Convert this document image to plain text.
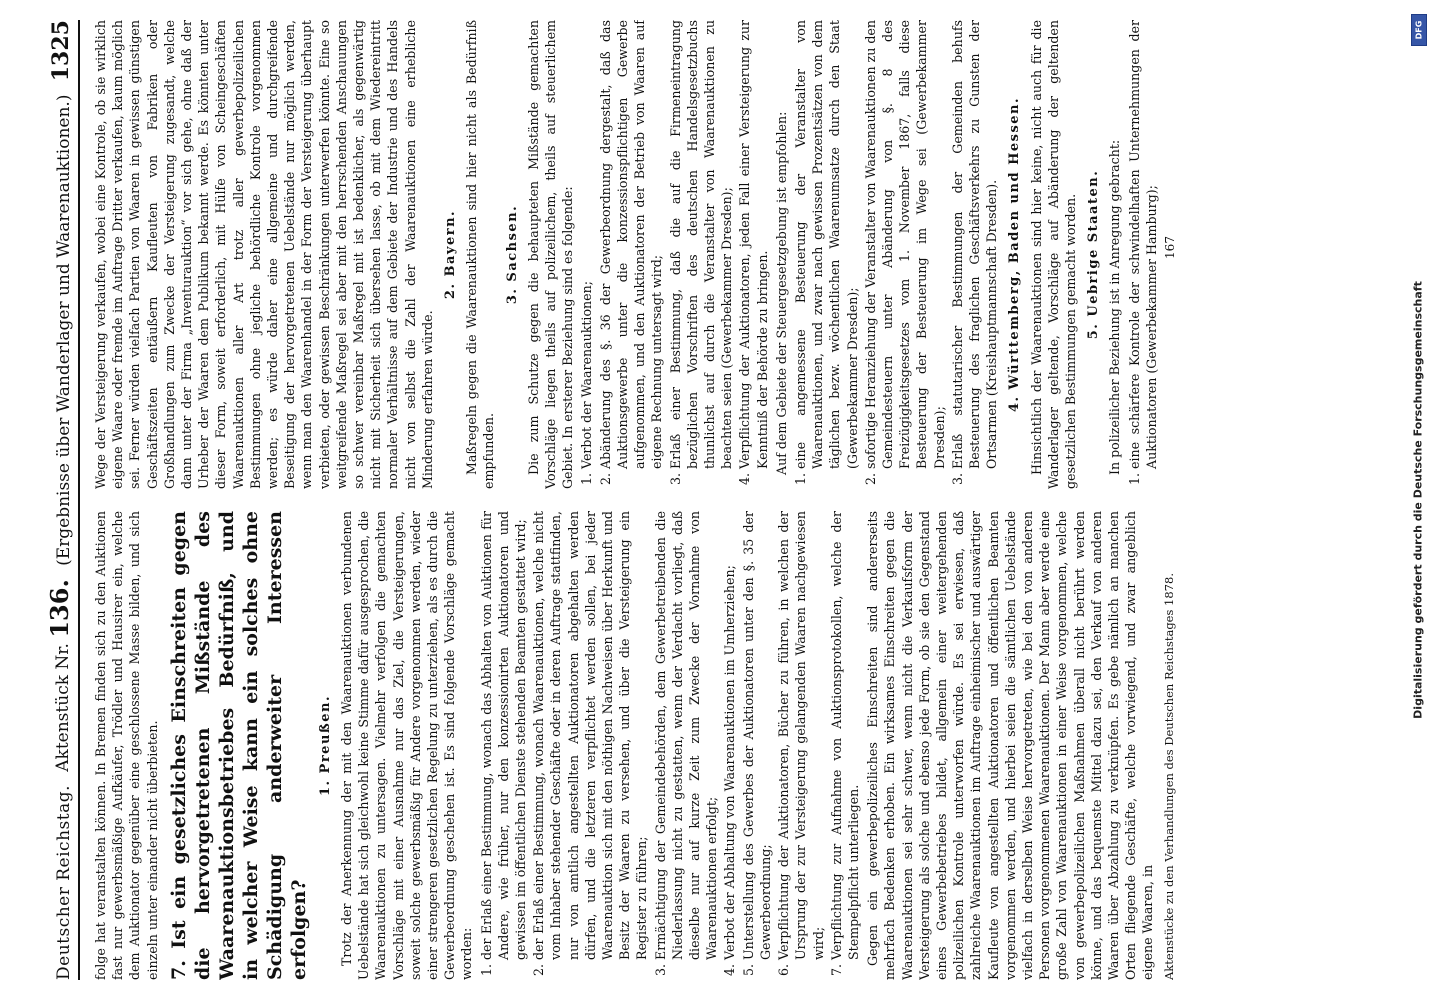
DFG
Digitalisierung gefördert durch die Deutsche Forschungsgemeinschaft
Deutscher Reichstag.
Aktenstück Nr. 136.
(Ergebnisse über Wanderlager und Waarenauktionen.)
1325

folge hat veranstalten können. In Bremen finden sich zu den Auktionen fast nur gewerbsmäßige Aufkäufer, Trödler und Hausirer ein, welche dem Auktionator gegenüber eine geschlossene Masse bilden, und sich einzeln unter einander nicht überbieten. 7. Ist ein gesetzliches Einschreiten gegen die hervorgetretenen Mißstände des Waarenauktionsbetriebes Bedürfniß, und in welcher Weise kann ein solches ohne Schädigung anderweiter Interessen erfolgen?

1. Preußen. Trotz der Anerkennung der mit den Waarenauktionen verbundenen Uebelstände hat sich gleichwohl keine Stimme dafür ausgesprochen, die Waarenauktionen zu untersagen. Vielmehr verfolgen die gemachten Vorschläge mit einer Ausnahme nur das Ziel, die Versteigerungen, soweit solche gewerbsmäßig für Andere vorgenommen werden, wieder einer strengeren gesetzlichen Regelung zu unterziehen, als es durch die Gewerbeordnung geschehen ist. Es sind folgende Vorschläge gemacht worden: 1. der Erlaß einer Bestimmung, wonach das Abhalten von Auktionen für Andere, wie früher, nur den konzessionirten Auktionatoren und gewissen im öffentlichen Dienste stehenden Beamten gestattet wird; 2. der Erlaß einer Bestimmung, wonach Waarenauktionen, welche nicht vom Inhaber stehender Geschäfte oder in deren Auftrage stattfinden, nur von amtlich angestellten Auktionatoren abgehalten werden dürfen, und die letzteren verpflichtet werden sollen, bei jeder Waarenauktion sich mit den nöthigen Nachweisen über Herkunft und Besitz der Waaren zu versehen, und über die Versteigerung ein Register zu führen; 3. Ermächtigung der Gemeindebehörden, dem Gewerbetreibenden die Niederlassung nicht zu gestatten, wenn der Verdacht vorliegt, daß dieselbe nur auf kurze Zeit zum Zwecke der Vornahme von Waarenauktionen erfolgt; 4. Verbot der Abhaltung von Waarenauktionen im Umherziehen; 5. Unterstellung des Gewerbes der Auktionatoren unter den §. 35 der Gewerbeordnung; 6. Verpflichtung der Auktionatoren, Bücher zu führen, in welchen der Ursprung der zur Versteigerung gelangenden Waaren nachgewiesen wird; 7. Verpflichtung zur Aufnahme von Auktionsprotokollen, welche der Stempelpflicht unterliegen. Gegen ein gewerbepolizeiliches Einschreiten sind andererseits mehrfach Bedenken erhoben. Ein wirksames Einschreiten gegen die Waarenauktionen sei sehr schwer, wenn nicht die Verkaufsform der Versteigerung als solche und ebenso jede Form, ob sie den Gegenstand eines Gewerbebetriebes bildet, allgemein einer weitergehenden polizeilichen Kontrole unterworfen würde. Es sei erwiesen, daß zahlreiche Waarenauktionen im Auftrage einheimischer und auswärtiger Kaufleute von angestellten Auktionatoren und öffentlichen Beamten vorgenommen werden, und hierbei seien die sämtlichen Uebelstände vielfach in derselben Weise hervorgetreten, wie bei den von anderen Personen vorgenommenen Waarenauktionen. Der Mann aber werde eine große Zahl von Waarenauktionen in einer Weise vorgenommen, welche von gewerbepolizeilichen Maßnahmen überall nicht berührt werden könne, und das bequemste Mittel dazu sei, den Verkauf von anderen Waaren über Abzahlung zu verknüpfen. Es gebe nämlich an manchen Orten fliegende Geschäfte, welche vorwiegend, und zwar angeblich eigene Waaren, in Aktenstücke zu den Verhandlungen des Deutschen Reichstages 1878.

Wege der Versteigerung verkaufen, wobei eine Kontrole, ob sie wirklich eigene Waare oder fremde im Auftrage Dritter verkaufen, kaum möglich sei. Ferner würden vielfach Partien von Waaren in gewissen günstigen Geschäftszeiten entäußern Kaufleuten von Fabriken oder Großhandlungen zum Zwecke der Versteigerung zugesandt, welche dann unter der Firma „Inventurauktion“ vor sich gehe, ohne daß der Urheber der Waaren dem Publikum bekannt werde. Es könnten unter dieser Form, soweit erforderlich, mit Hülfe von Scheingeschäften Waarenauktionen aller Art trotz aller gewerbepolizeilichen Bestimmungen ohne jegliche behördliche Kontrole vorgenommen werden; es würde daher eine allgemeine und durchgreifende Beseitigung der hervorgetretenen Uebelstände nur möglich werden, wenn man den Waarenhandel in der Form der Versteigerung überhaupt verbieten, oder gewissen Beschränkungen unterwerfen könnte. Eine so weitgreifende Maßregel sei aber mit den herrschenden Anschauungen so schwer vereinbar Maßregel mit ist bedenklicher, als gegenwärtig nicht mit Sicherheit sich übersehen lasse, ob mit dem Wiedereintritt normaler Verhältnisse auf dem Gebiete der Industrie und des Handels nicht von selbst die Zahl der Waarenauktionen eine erhebliche Minderung erfahren würde.

2. Bayern. Maßregeln gegen die Waarenauktionen sind hier nicht als Bedürfniß empfunden.

3. Sachsen. Die zum Schutze gegen die behaupteten Mißstände gemachten Vorschläge liegen theils auf polizeilichem, theils auf steuerlichem Gebiet. In ersterer Beziehung sind es folgende: 1. Verbot der Waarenauktionen; 2. Abänderung des §. 36 der Gewerbeordnung dergestalt, daß das Auktionsgewerbe unter die konzessionspflichtigen Gewerbe aufgenommen, und den Auktionatoren der Betrieb von Waaren auf eigene Rechnung untersagt wird; 3. Erlaß einer Bestimmung, daß die auf die Firmeneintragung bezüglichen Vorschriften des deutschen Handelsgesetzbuchs thunlichst auf durch die Veranstalter von Waarenauktionen zu beachten seien (Gewerbekammer Dresden); 4. Verpflichtung der Auktionatoren, jeden Fall einer Versteigerung zur Kenntniß der Behörde zu bringen. Auf dem Gebiete der Steuergesetzgebung ist empfohlen: 1. eine angemessene Besteuerung der Veranstalter von Waarenauktionen, und zwar nach gewissen Prozentsätzen von dem täglichen bezw. wöchentlichen Waarenumsatze durch den Staat (Gewerbekammer Dresden); 2. sofortige Heranziehung der Veranstalter von Waarenauktionen zu den Gemeindesteuern unter Abänderung von §. 8 des Freizügigkeitsgesetzes vom 1. November 1867, falls diese Besteuerung der Besteuerung im Wege sei (Gewerbekammer Dresden); 3. Erlaß statutarischer Bestimmungen der Gemeinden behufs Besteuerung des fraglichen Geschäftsverkehrs zu Gunsten der Ortsarmen (Kreishauptmannschaft Dresden). 4. Württemberg, Baden und Hessen. Hinsichtlich der Waarenauktionen sind hier keine, nicht auch für die Wanderlager geltende, Vorschläge auf Abänderung der geltenden gesetzlichen Bestimmungen gemacht worden. 5. Uebrige Staaten. In polizeilicher Beziehung ist in Anregung gebracht: 1. eine schärfere Kontrole der schwindelhaften Unternehmungen der Auktionatoren (Gewerbekammer Hamburg); 167
